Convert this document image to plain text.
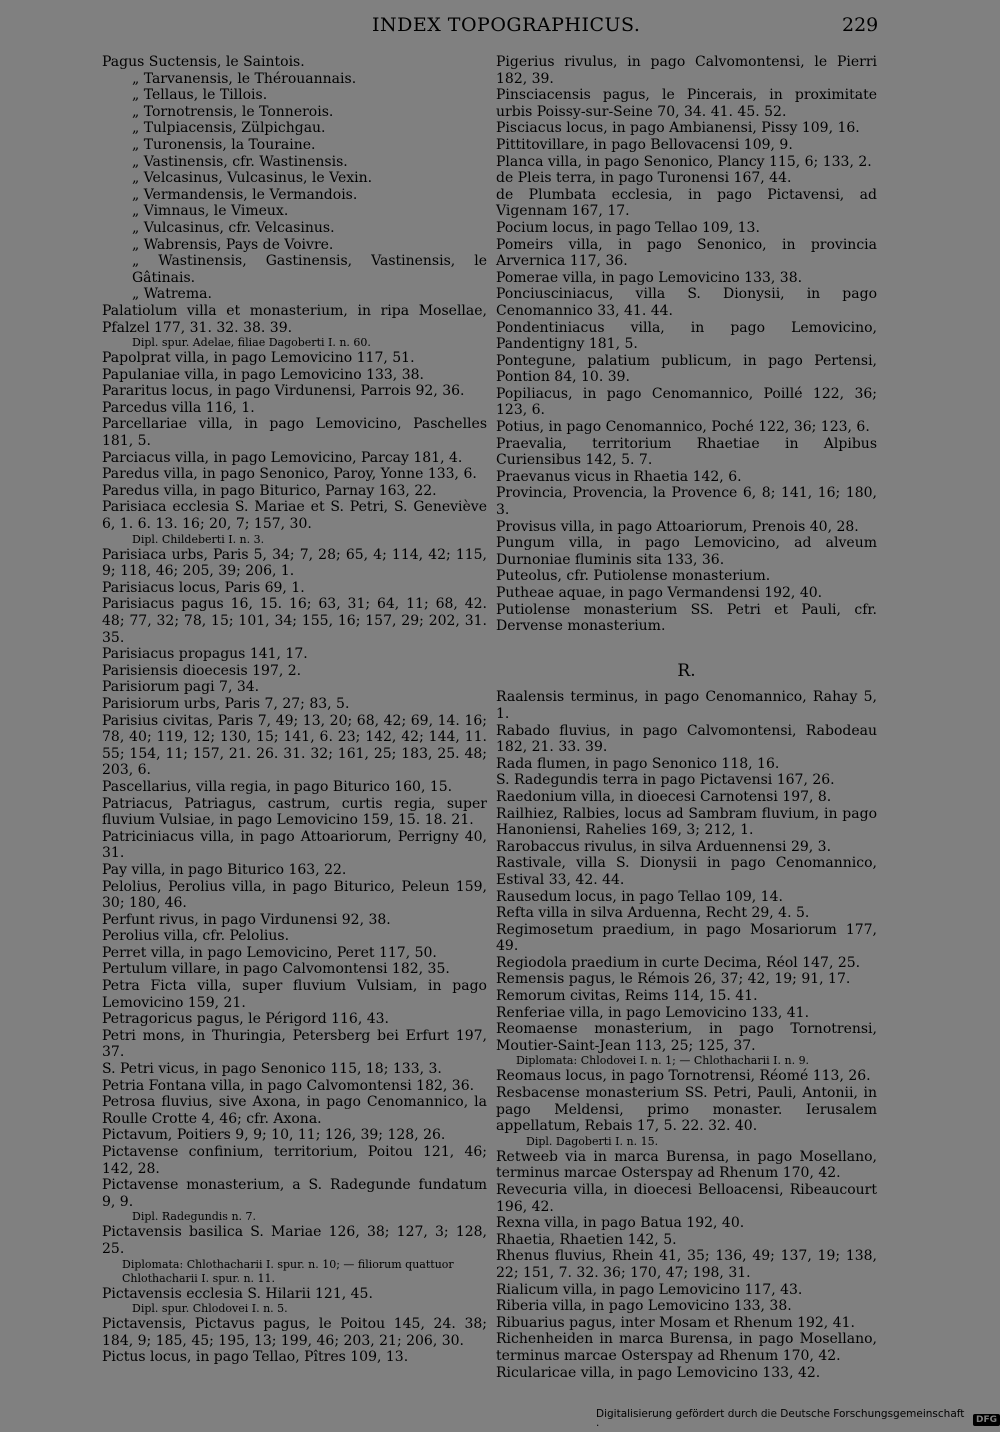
INDEX TOPOGRAPHICUS.	229
Pagus Suctensis, le Saintois.
„ Tarvanensis, le Thérouannais.
„ Tellaus, le Tillois.
„ Tornotrensis, le Tonnerois.
„ Tulpiacensis, Zülpichgau.
„ Turonensis, la Touraine.
„ Vastinensis, cfr. Wastinensis.
„ Velcasinus, Vulcasinus, le Vexin.
„ Vermandensis, le Vermandois.
„ Vimnaus, le Vimeux.
„ Vulcasinus, cfr. Velcasinus.
„ Wabrensis, Pays de Voivre.
„ Wastinensis, Gastinensis, Vastinensis, le Gâtinais.
„ Watrema.
Palatiolum villa et monasterium, in ripa Mosellae, Pfalzel 177, 31. 32. 38. 39.
Dipl. spur. Adelae, filiae Dagoberti I. n. 60.
Papolprat villa, in pago Lemovicino 117, 51.
Papulaniae villa, in pago Lemovicino 133, 38.
Pararitus locus, in pago Virdunensi, Parrois 92, 36.
Parcedus villa 116, 1.
Parcellariae villa, in pago Lemovicino, Paschelles 181, 5.
Parciacus villa, in pago Lemovicino, Parcay 181, 4.
Paredus villa, in pago Senonico, Paroy, Yonne 133, 6.
Paredus villa, in pago Biturico, Parnay 163, 22.
Parisiaca ecclesia S. Mariae et S. Petri, S. Geneviève 6, 1. 6. 13. 16; 20, 7; 157, 30.
Dipl. Childeberti I. n. 3.
Parisiaca urbs, Paris 5, 34; 7, 28; 65, 4; 114, 42; 115, 9; 118, 46; 205, 39; 206, 1.
Parisiacus locus, Paris 69, 1.
Parisiacus pagus 16, 15. 16; 63, 31; 64, 11; 68, 42. 48; 77, 32; 78, 15; 101, 34; 155, 16; 157, 29; 202, 31. 35.
Parisiacus propagus 141, 17.
Parisiensis dioecesis 197, 2.
Parisiorum pagi 7, 34.
Parisiorum urbs, Paris 7, 27; 83, 5.
Parisius civitas, Paris 7, 49; 13, 20; 68, 42; 69, 14. 16; 78, 40; 119, 12; 130, 15; 141, 6. 23; 142, 42; 144, 11. 55; 154, 11; 157, 21. 26. 31. 32; 161, 25; 183, 25. 48; 203, 6.
Pascellarius, villa regia, in pago Biturico 160, 15.
Patriacus, Patriagus, castrum, curtis regia, super fluvium Vulsiae, in pago Lemovicino 159, 15. 18. 21.
Patriciniacus villa, in pago Attoariorum, Perrigny 40, 31.
Pay villa, in pago Biturico 163, 22.
Pelolius, Perolius villa, in pago Biturico, Peleun 159, 30; 180, 46.
Perfunt rivus, in pago Virdunensi 92, 38.
Perolius villa, cfr. Pelolius.
Perret villa, in pago Lemovicino, Peret 117, 50.
Pertulum villare, in pago Calvomontensi 182, 35.
Petra Ficta villa, super fluvium Vulsiam, in pago Lemovicino 159, 21.
Petragoricus pagus, le Périgord 116, 43.
Petri mons, in Thuringia, Petersberg bei Erfurt 197, 37.
S. Petri vicus, in pago Senonico 115, 18; 133, 3.
Petria Fontana villa, in pago Calvomontensi 182, 36.
Petrosa fluvius, sive Axona, in pago Cenomannico, la Roulle Crotte 4, 46; cfr. Axona.
Pictavum, Poitiers 9, 9; 10, 11; 126, 39; 128, 26.
Pictavense confinium, territorium, Poitou 121, 46; 142, 28.
Pictavense monasterium, a S. Radegunde fundatum 9, 9.
Dipl. Radegundis n. 7.
Pictavensis basilica S. Mariae 126, 38; 127, 3; 128, 25.
Diplomata: Chlothacharii I. spur. n. 10; — filiorum quattuor Chlothacharii I. spur. n. 11.
Pictavensis ecclesia S. Hilarii 121, 45.
Dipl. spur. Chlodovei I. n. 5.
Pictavensis, Pictavus pagus, le Poitou 145, 24. 38; 184, 9; 185, 45; 195, 13; 199, 46; 203, 21; 206, 30.
Pictus locus, in pago Tellao, Pîtres 109, 13.
Pigerius rivulus, in pago Calvomontensi, le Pierri 182, 39.
Pinsciacensis pagus, le Pincerais, in proximitate urbis Poissy-sur-Seine 70, 34. 41. 45. 52.
Pisciacus locus, in pago Ambianensi, Pissy 109, 16.
Pittitovillare, in pago Bellovacensi 109, 9.
Planca villa, in pago Senonico, Plancy 115, 6; 133, 2.
de Pleis terra, in pago Turonensi 167, 44.
de Plumbata ecclesia, in pago Pictavensi, ad Vigennam 167, 17.
Pocium locus, in pago Tellao 109, 13.
Pomeirs villa, in pago Senonico, in provincia Arvernica 117, 36.
Pomerae villa, in pago Lemovicino 133, 38.
Ponciusciniacus, villa S. Dionysii, in pago Cenomannico 33, 41. 44.
Pondentiniacus villa, in pago Lemovicino, Pandentigny 181, 5.
Pontegune, palatium publicum, in pago Pertensi, Pontion 84, 10. 39.
Popiliacus, in pago Cenomannico, Poillé 122, 36; 123, 6.
Potius, in pago Cenomannico, Poché 122, 36; 123, 6.
Praevalia, territorium Rhaetiae in Alpibus Curiensibus 142, 5. 7.
Praevanus vicus in Rhaetia 142, 6.
Provincia, Provencia, la Provence 6, 8; 141, 16; 180, 3.
Provisus villa, in pago Attoariorum, Prenois 40, 28.
Pungum villa, in pago Lemovicino, ad alveum Durnoniae fluminis sita 133, 36.
Puteolus, cfr. Putiolense monasterium.
Putheae aquae, in pago Vermandensi 192, 40.
Putiolense monasterium SS. Petri et Pauli, cfr. Dervense monasterium.
R.
Raalensis terminus, in pago Cenomannico, Rahay 5, 1.
Rabado fluvius, in pago Calvomontensi, Rabodeau 182, 21. 33. 39.
Rada flumen, in pago Senonico 118, 16.
S. Radegundis terra in pago Pictavensi 167, 26.
Raedonium villa, in dioecesi Carnotensi 197, 8.
Railhiez, Ralbies, locus ad Sambram fluvium, in pago Hanoniensi, Rahelies 169, 3; 212, 1.
Rarobaccus rivulus, in silva Arduennensi 29, 3.
Rastivale, villa S. Dionysii in pago Cenomannico, Estival 33, 42. 44.
Rausedum locus, in pago Tellao 109, 14.
Refta villa in silva Arduenna, Recht 29, 4. 5.
Regimosetum praedium, in pago Mosariorum 177, 49.
Regiodola praedium in curte Decima, Réol 147, 25.
Remensis pagus, le Rémois 26, 37; 42, 19; 91, 17.
Remorum civitas, Reims 114, 15. 41.
Renferiae villa, in pago Lemovicino 133, 41.
Reomaense monasterium, in pago Tornotrensi, Moutier-Saint-Jean 113, 25; 125, 37.
Diplomata: Chlodovei I. n. 1; — Chlothacharii I. n. 9.
Reomaus locus, in pago Tornotrensi, Réomé 113, 26.
Resbacense monasterium SS. Petri, Pauli, Antonii, in pago Meldensi, primo monaster. Ierusalem appellatum, Rebais 17, 5. 22. 32. 40.
Dipl. Dagoberti I. n. 15.
Retweeb via in marca Burensa, in pago Mosellano, terminus marcae Osterspay ad Rhenum 170, 42.
Revecuria villa, in dioecesi Belloacensi, Ribeaucourt 196, 42.
Rexna villa, in pago Batua 192, 40.
Rhaetia, Rhaetien 142, 5.
Rhenus fluvius, Rhein 41, 35; 136, 49; 137, 19; 138, 22; 151, 7. 32. 36; 170, 47; 198, 31.
Rialicum villa, in pago Lemovicino 117, 43.
Riberia villa, in pago Lemovicino 133, 38.
Ribuarius pagus, inter Mosam et Rhenum 192, 41.
Richenheiden in marca Burensa, in pago Mosellano, terminus marcae Osterspay ad Rhenum 170, 42.
Ricularicae villa, in pago Lemovicino 133, 42.
Digitalisierung gefördert durch die Deutsche Forschungsgemeinschaft ·	DFG
